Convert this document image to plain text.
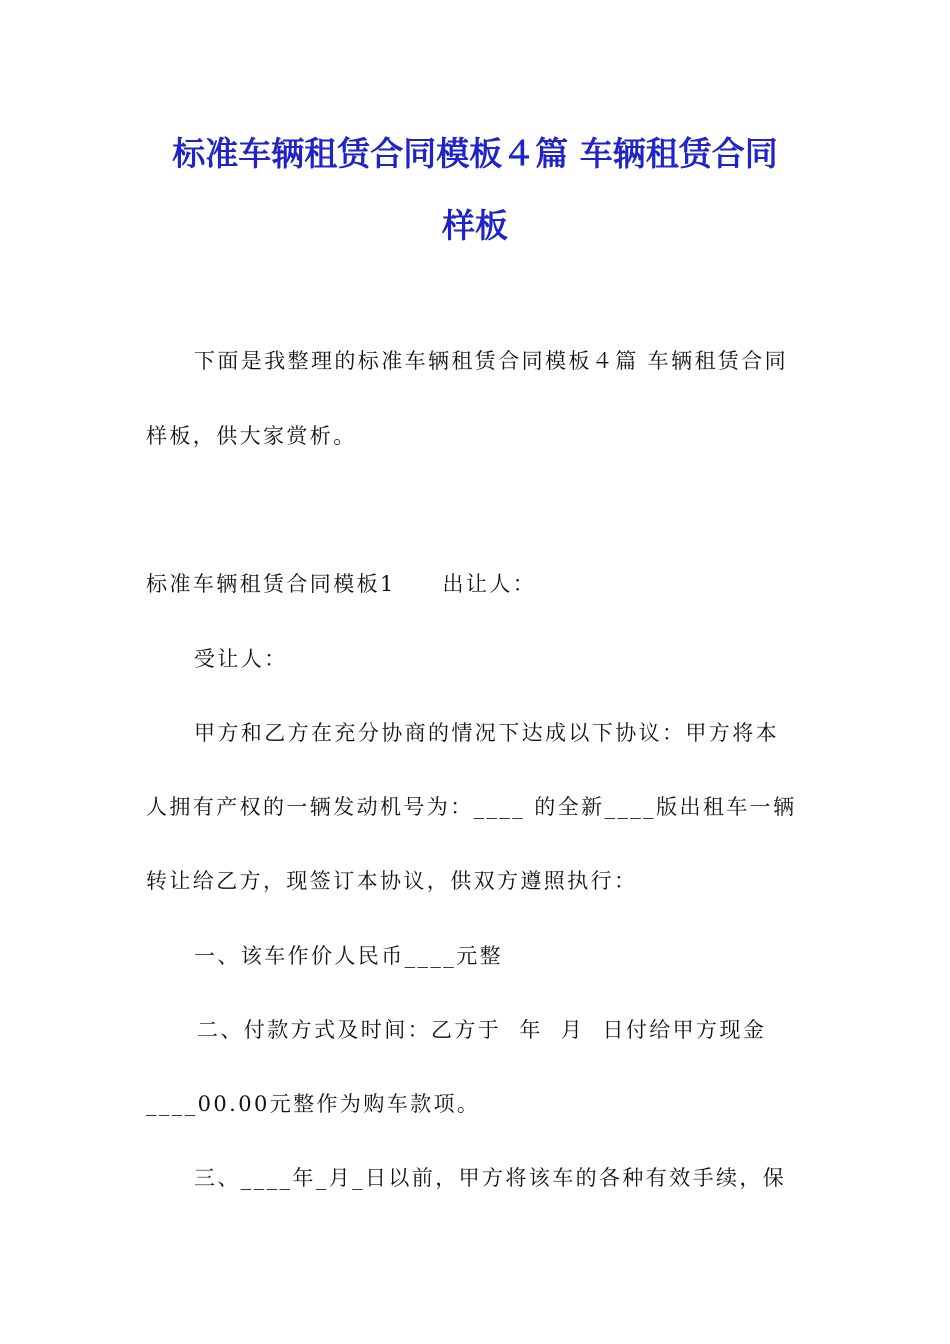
标准车辆租赁合同模板４篇 车辆租赁合同
样板

下面是我整理的标准车辆租赁合同模板４篇 车辆租赁合同

样板，供大家赏析。

标准车辆租赁合同模板1　　出让人：

受让人：

甲方和乙方在充分协商的情况下达成以下协议：甲方将本

人拥有产权的一辆发动机号为：____ 的全新____版出租车一辆

转让给乙方，现签订本协议，供双方遵照执行：

一、该车作价人民币____元整

二、付款方式及时间：乙方于  年  月  日付给甲方现金

____00.00元整作为购车款项。

三、____年_月_日以前，甲方将该车的各种有效手续，保
